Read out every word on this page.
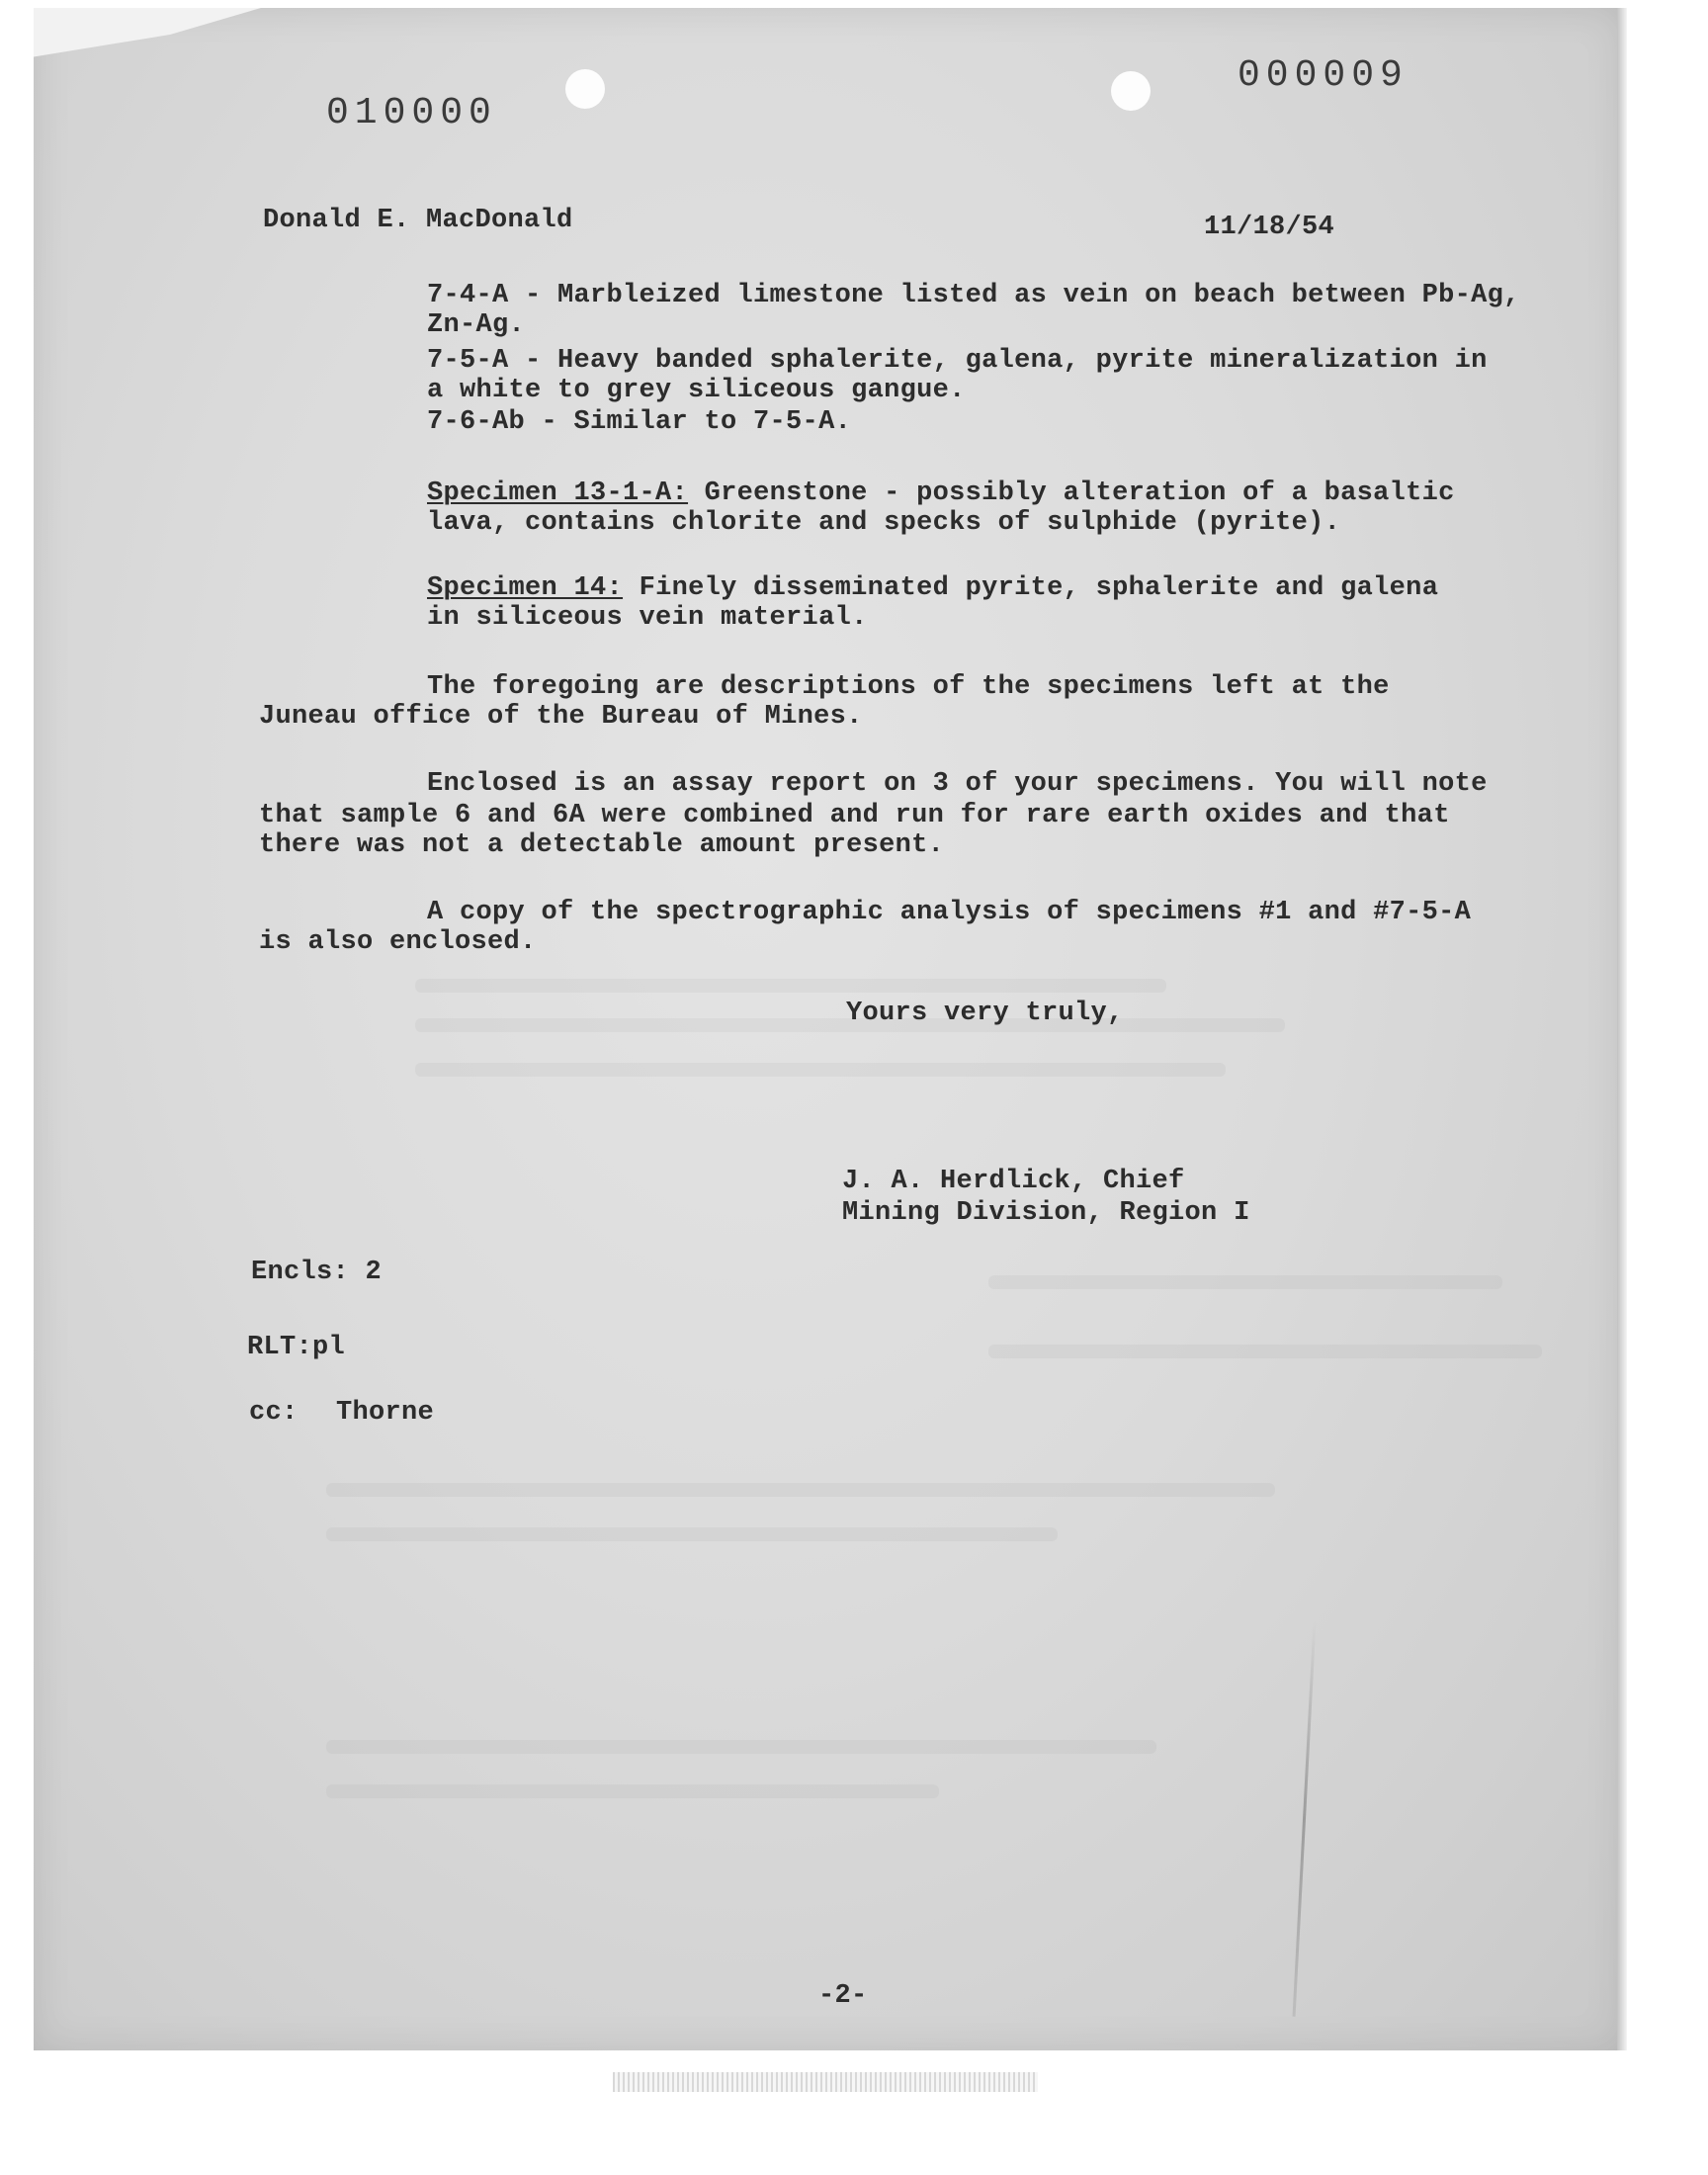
010000
000009
Donald E. MacDonald	11/18/54
7-4-A - Marbleized limestone listed as vein on beach between Pb-Ag,
Zn-Ag.
7-5-A - Heavy banded sphalerite, galena, pyrite mineralization in
a white to grey siliceous gangue.
7-6-Ab - Similar to 7-5-A.
Specimen 13-1-A: Greenstone - possibly alteration of a basaltic
lava, contains chlorite and specks of sulphide (pyrite).
Specimen 14: Finely disseminated pyrite, sphalerite and galena
in siliceous vein material.
The foregoing are descriptions of the specimens left at the
Juneau office of the Bureau of Mines.
Enclosed is an assay report on 3 of your specimens. You will note
that sample 6 and 6A were combined and run for rare earth oxides and that
there was not a detectable amount present.
A copy of the spectrographic analysis of specimens #1 and #7-5-A
is also enclosed.
Yours very truly,
J. A. Herdlick, Chief
Mining Division, Region I
Encls: 2
RLT:pl
cc: Thorne
-2-
